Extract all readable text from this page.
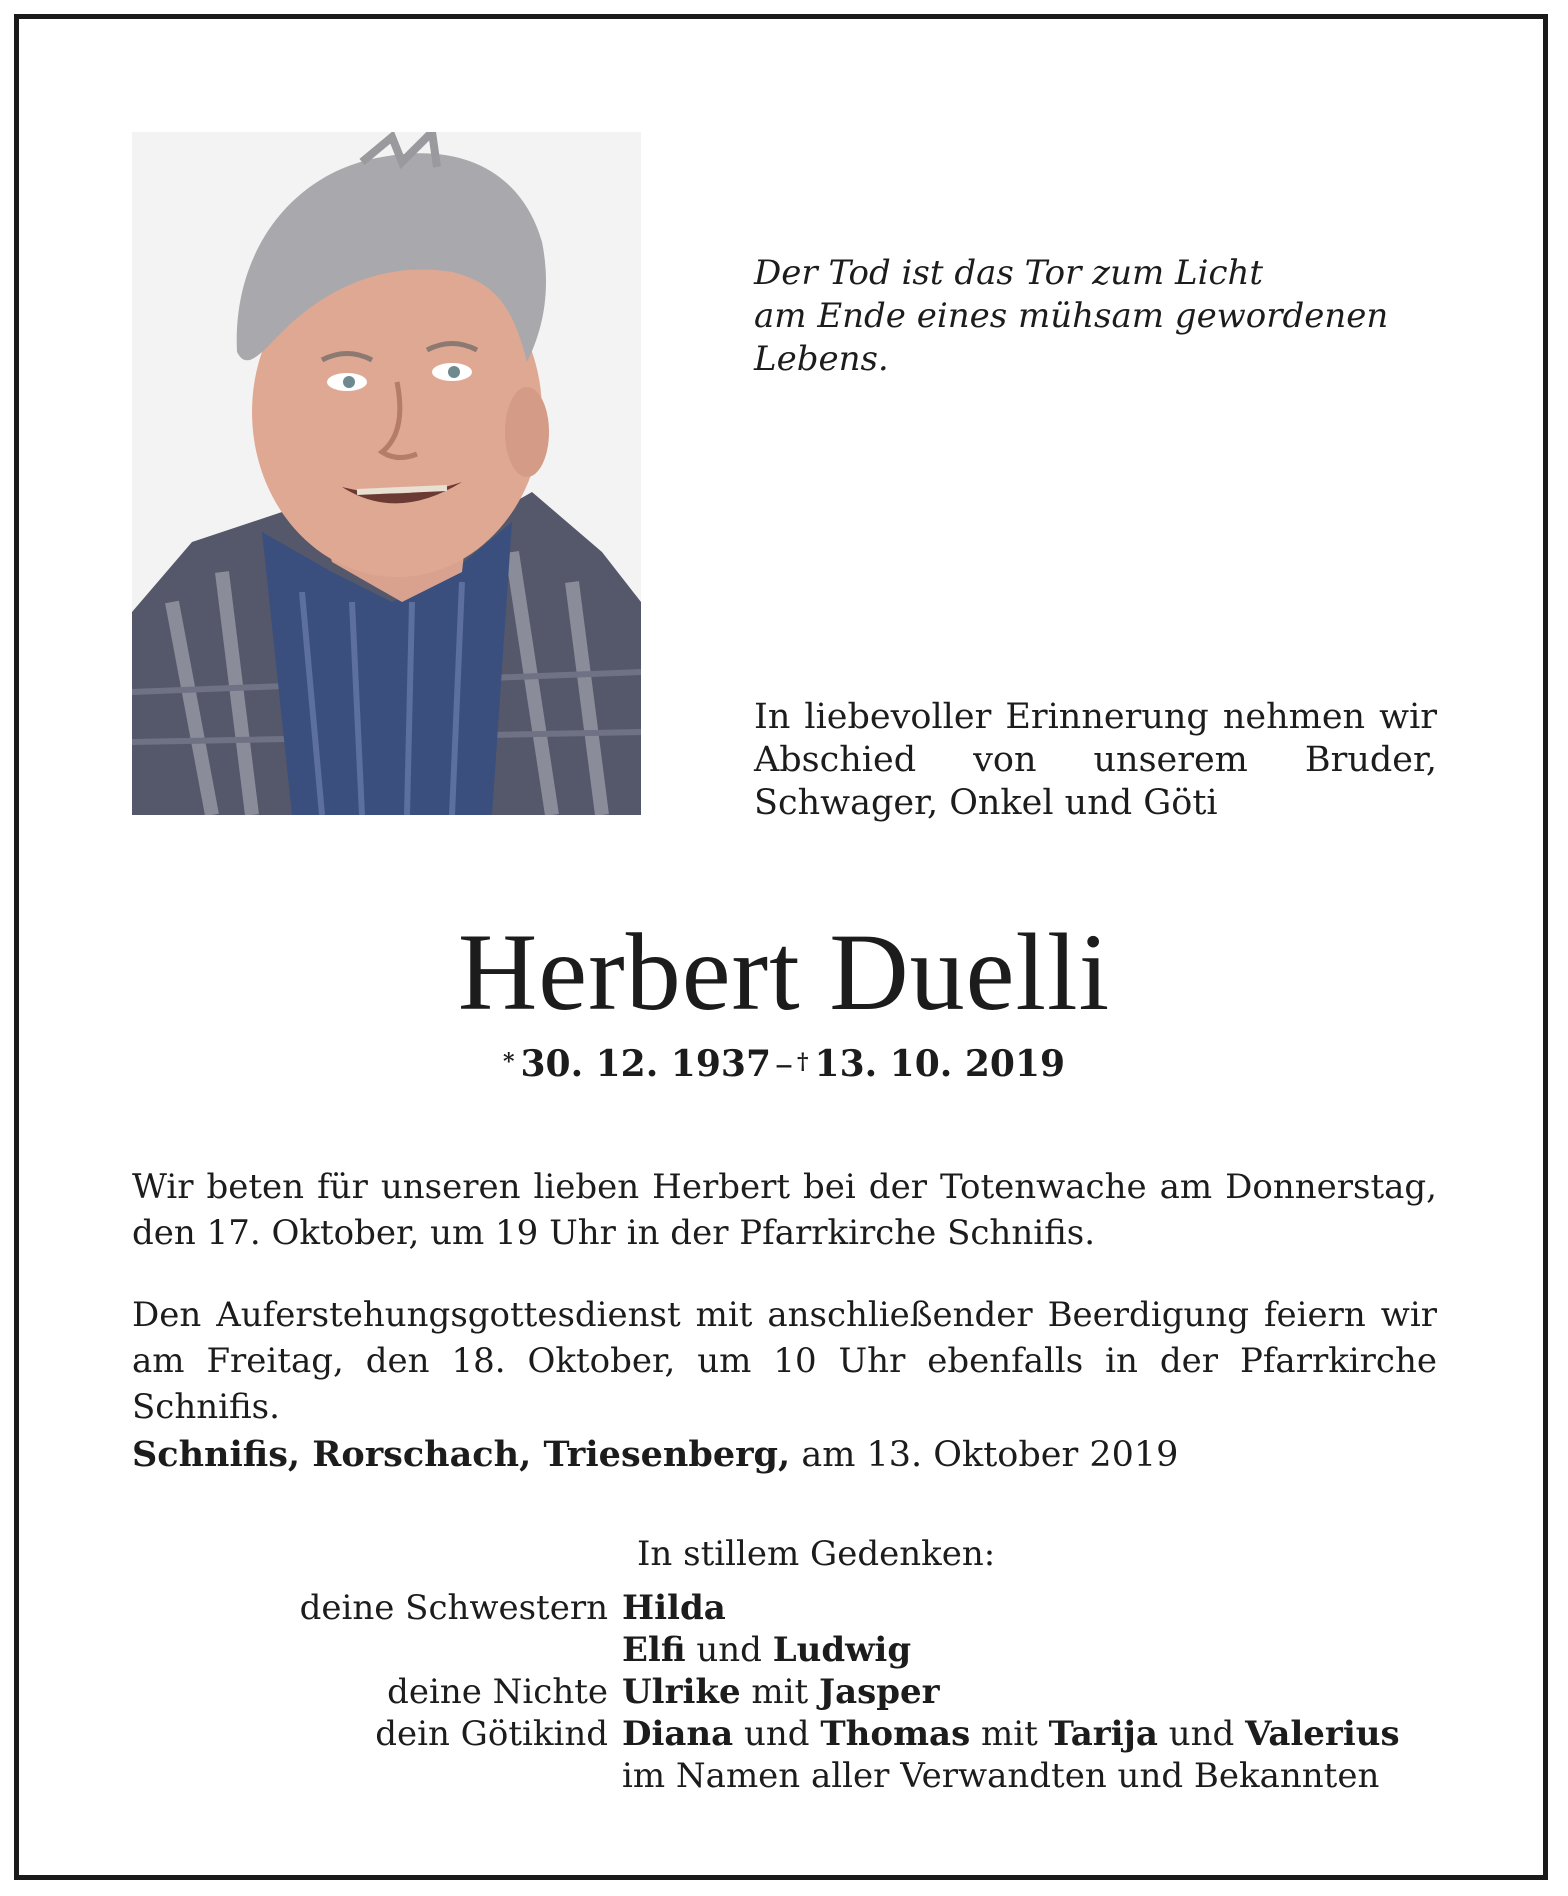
Der Tod ist das Tor zum Licht
am Ende eines mühsam gewordenen
Lebens.
In liebevoller Erinnerung nehmen wir Abschied von unserem Bruder, Schwager, Onkel und Göti
Herbert Duelli
* 30. 12. 1937 – † 13. 10. 2019
Wir beten für unseren lieben Herbert bei der Totenwache am Donnerstag, den 17. Oktober, um 19 Uhr in der Pfarrkirche Schnifis.
Den Auferstehungsgottesdienst mit anschließender Beerdigung feiern wir am Freitag, den 18. Oktober, um 10 Uhr ebenfalls in der Pfarrkirche Schnifis.
Schnifis, Rorschach, Triesenberg, am 13. Oktober 2019
In stillem Gedenken:
deine Schwestern Hilda
Elfi und Ludwig
deine Nichte Ulrike mit Jasper
dein Götikind Diana und Thomas mit Tarija und Valerius
im Namen aller Verwandten und Bekannten
